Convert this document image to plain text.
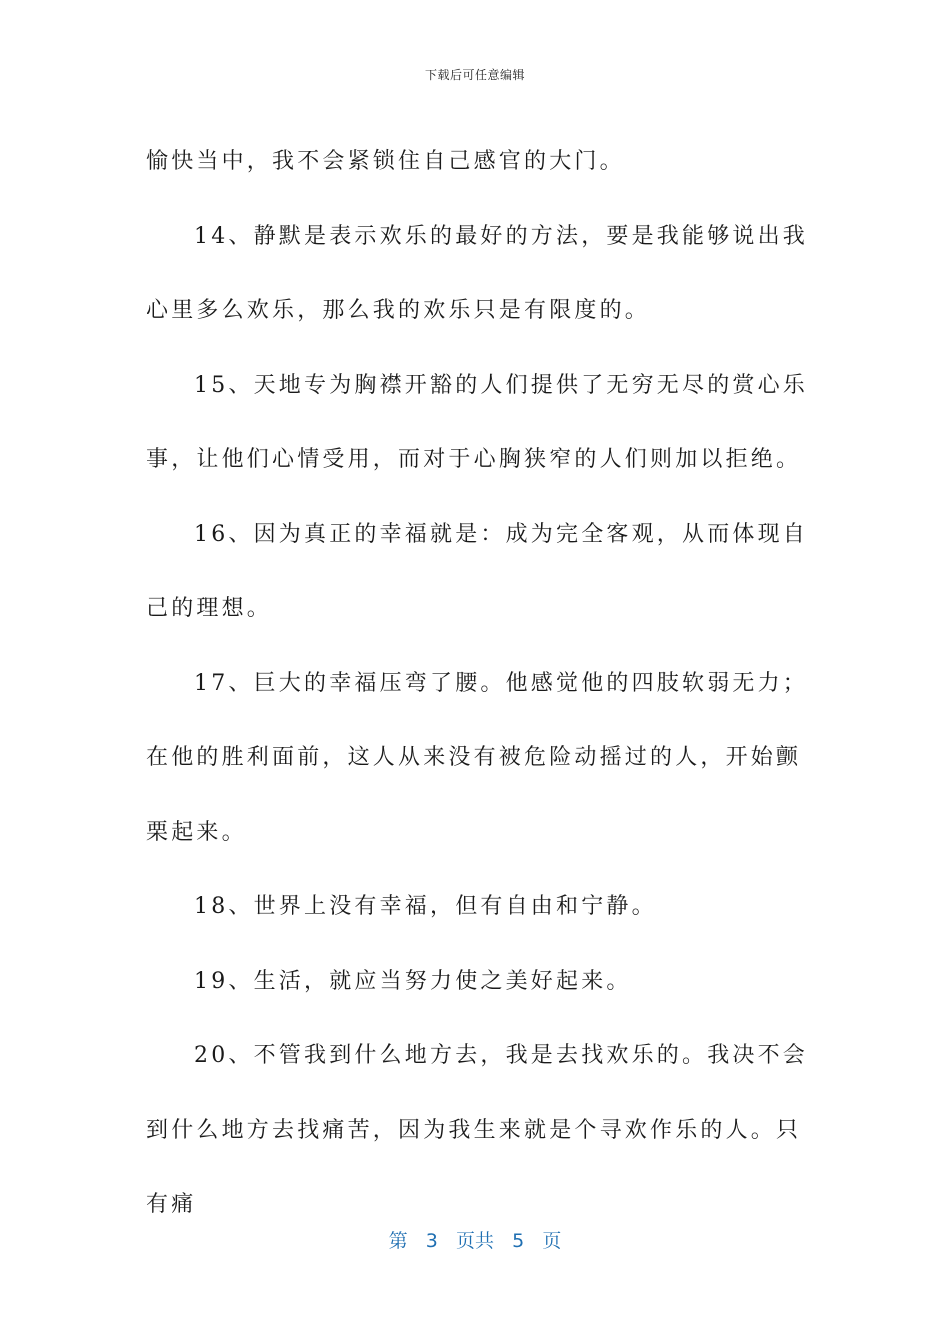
下载后可任意编辑

愉快当中，我不会紧锁住自己感官的大门。

14、静默是表示欢乐的最好的方法，要是我能够说出我心里多么欢乐，那么我的欢乐只是有限度的。

15、天地专为胸襟开豁的人们提供了无穷无尽的赏心乐事，让他们心情受用，而对于心胸狭窄的人们则加以拒绝。

16、因为真正的幸福就是：成为完全客观，从而体现自己的理想。

17、巨大的幸福压弯了腰。他感觉他的四肢软弱无力；在他的胜利面前，这人从来没有被危险动摇过的人，开始颤栗起来。

18、世界上没有幸福，但有自由和宁静。

19、生活，就应当努力使之美好起来。

20、不管我到什么地方去，我是去找欢乐的。我决不会到什么地方去找痛苦，因为我生来就是个寻欢作乐的人。只有痛

第 3 页共 5 页
